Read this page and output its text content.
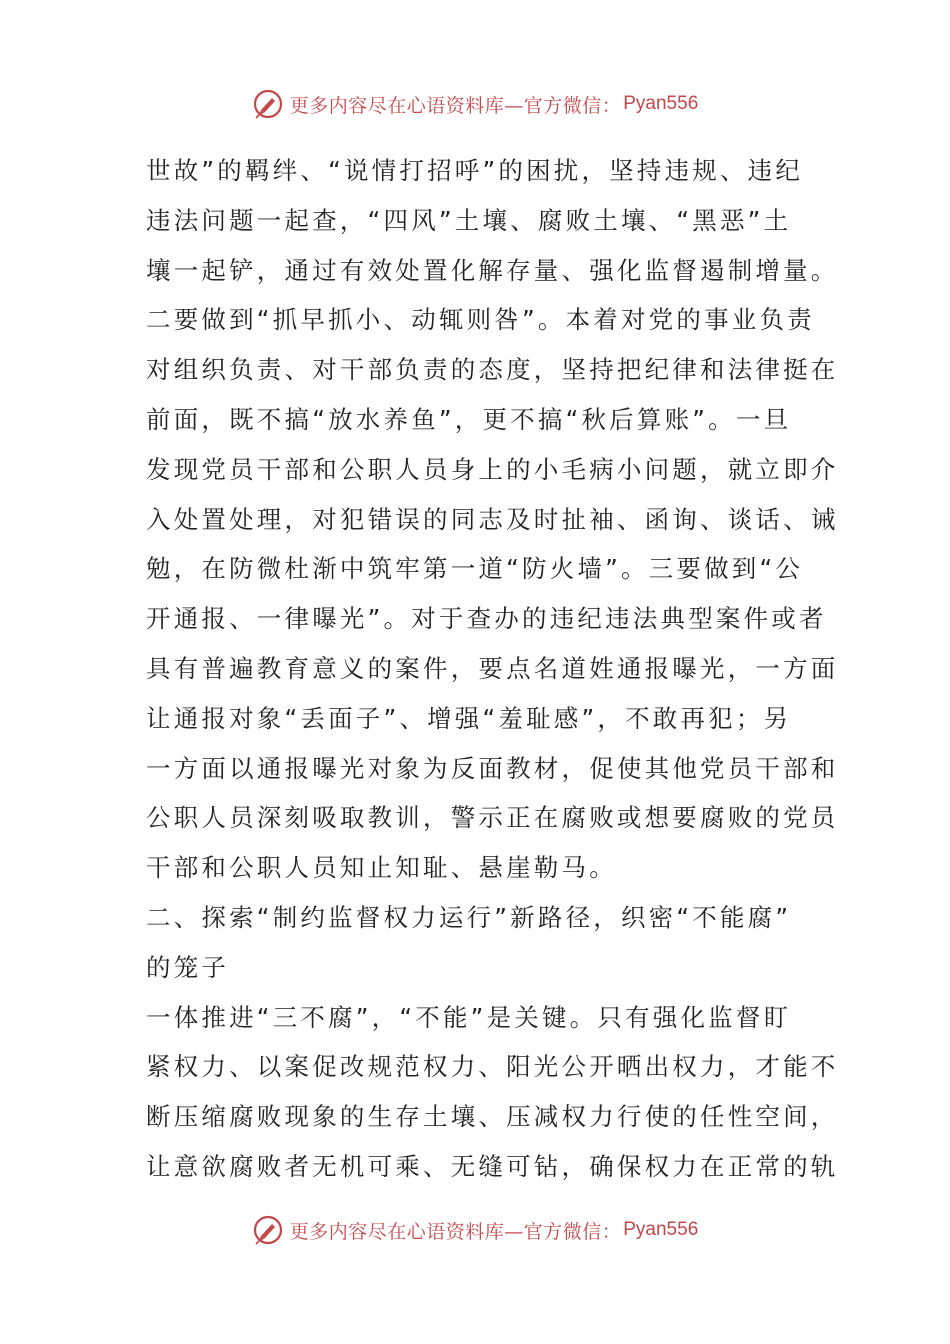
更多内容尽在心语资料库—官方微信： Pyan556
世故”的羁绊、“说情打招呼”的困扰，坚持违规、违纪
违法问题一起查，“四风”土壤、腐败土壤、“黑恶”土
壤一起铲，通过有效处置化解存量、强化监督遏制增量。
二要做到“抓早抓小、动辄则咎”。本着对党的事业负责
对组织负责、对干部负责的态度，坚持把纪律和法律挺在
前面，既不搞“放水养鱼”，更不搞“秋后算账”。一旦
发现党员干部和公职人员身上的小毛病小问题，就立即介
入处置处理，对犯错误的同志及时扯袖、函询、谈话、诫
勉，在防微杜渐中筑牢第一道“防火墙”。三要做到“公
开通报、一律曝光”。对于查办的违纪违法典型案件或者
具有普遍教育意义的案件，要点名道姓通报曝光，一方面
让通报对象“丢面子”、增强“羞耻感”，不敢再犯；另
一方面以通报曝光对象为反面教材，促使其他党员干部和
公职人员深刻吸取教训，警示正在腐败或想要腐败的党员
干部和公职人员知止知耻、悬崖勒马。
二、探索“制约监督权力运行”新路径，织密“不能腐”
的笼子
一体推进“三不腐”，“不能”是关键。只有强化监督盯
紧权力、以案促改规范权力、阳光公开晒出权力，才能不
断压缩腐败现象的生存土壤、压减权力行使的任性空间，
让意欲腐败者无机可乘、无缝可钻，确保权力在正常的轨
更多内容尽在心语资料库—官方微信： Pyan556
